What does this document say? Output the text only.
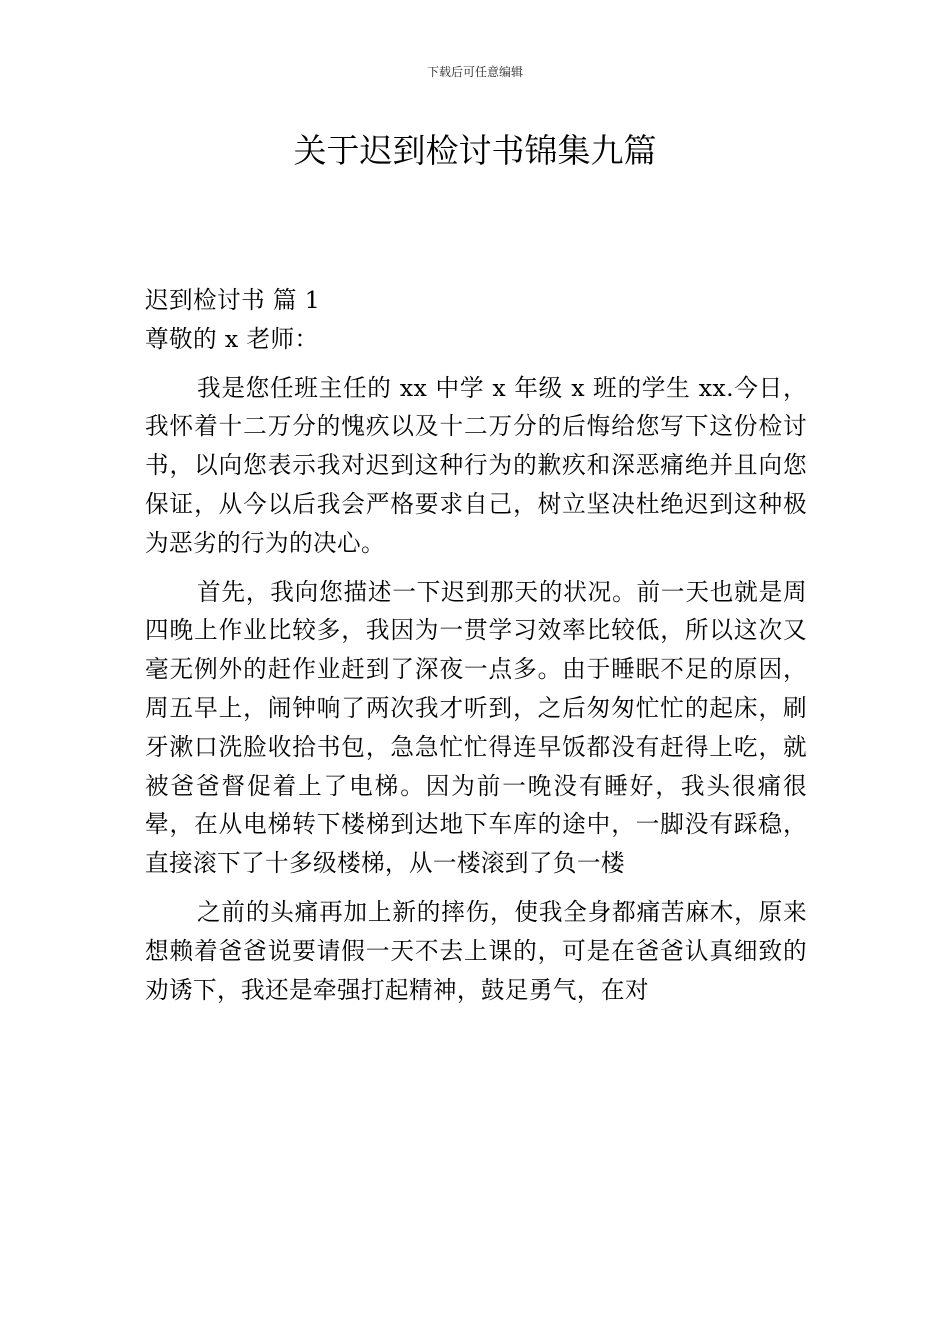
下载后可任意编辑
关于迟到检讨书锦集九篇
迟到检讨书 篇 1

尊敬的 x 老师：

我是您任班主任的 xx 中学 x 年级 x 班的学生 xx.今日，我怀着十二万分的愧疚以及十二万分的后悔给您写下这份检讨书，以向您表示我对迟到这种行为的歉疚和深恶痛绝并且向您保证，从今以后我会严格要求自己，树立坚决杜绝迟到这种极为恶劣的行为的决心。

首先，我向您描述一下迟到那天的状况。前一天也就是周四晚上作业比较多，我因为一贯学习效率比较低，所以这次又毫无例外的赶作业赶到了深夜一点多。由于睡眠不足的原因，周五早上，闹钟响了两次我才听到，之后匆匆忙忙的起床，刷牙漱口洗脸收拾书包，急急忙忙得连早饭都没有赶得上吃，就被爸爸督促着上了电梯。因为前一晚没有睡好，我头很痛很晕，在从电梯转下楼梯到达地下车库的途中，一脚没有踩稳，直接滚下了十多级楼梯，从一楼滚到了负一楼

之前的头痛再加上新的摔伤，使我全身都痛苦麻木，原来想赖着爸爸说要请假一天不去上课的，可是在爸爸认真细致的劝诱下，我还是牵强打起精神，鼓足勇气，在对
